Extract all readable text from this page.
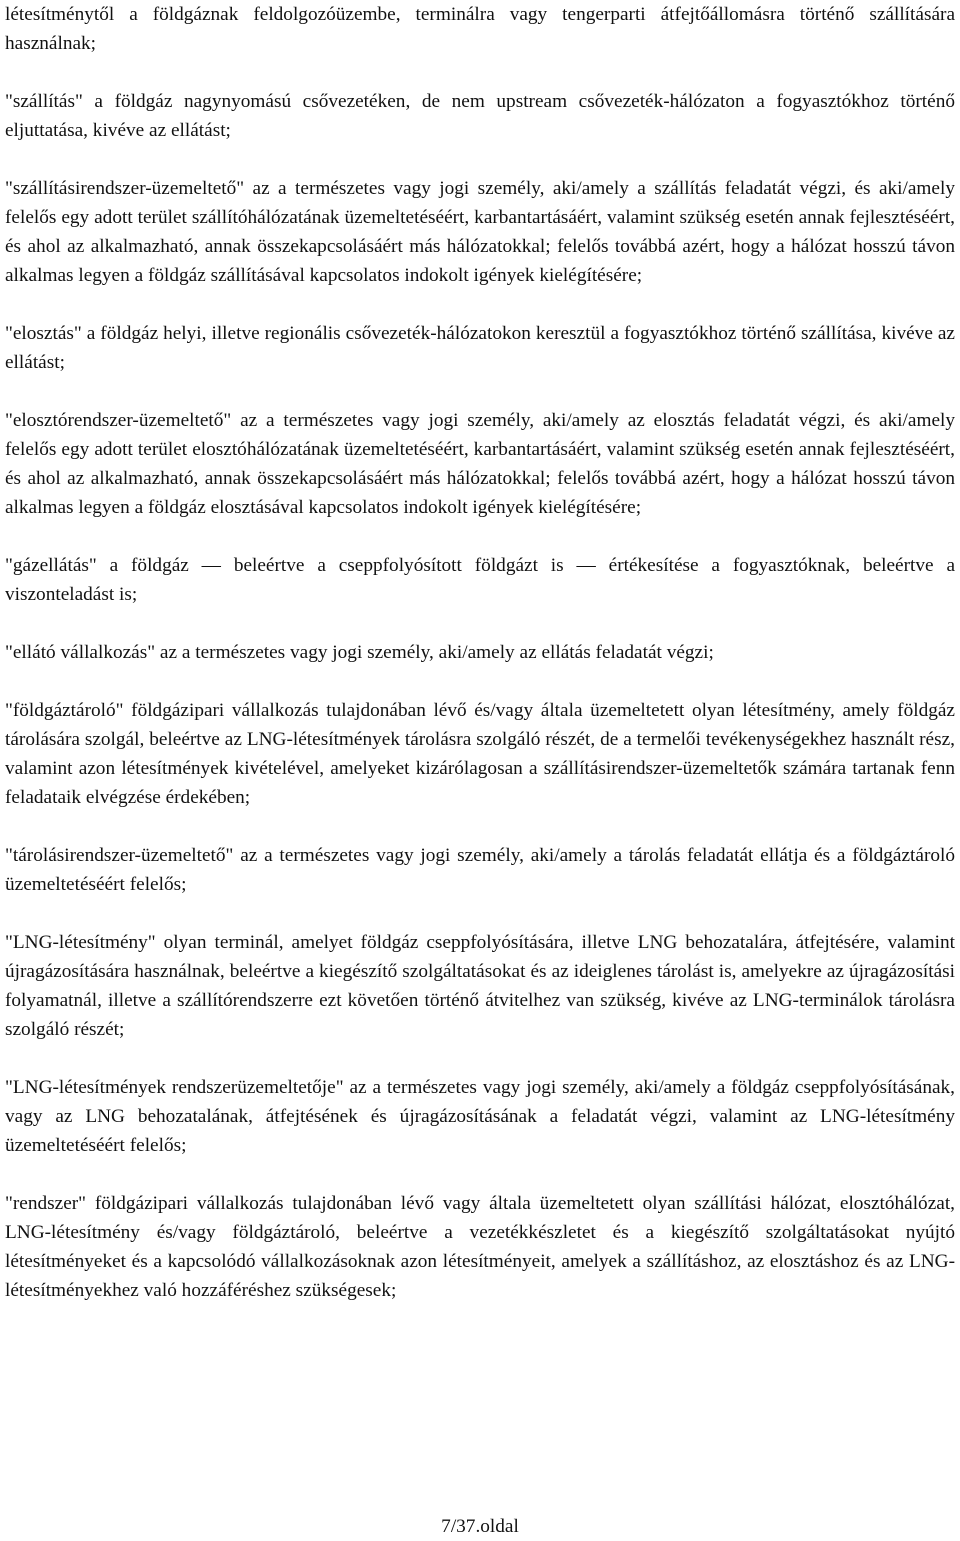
létesítménytől a földgáznak feldolgozóüzembe, terminálra vagy tengerparti átfejtőállomásra történő szállítására használnak;

"szállítás" a földgáz nagynyomású csővezetéken, de nem upstream csővezeték-hálózaton a fogyasztókhoz történő eljuttatása, kivéve az ellátást;

"szállításirendszer-üzemeltető" az a természetes vagy jogi személy, aki/amely a szállítás feladatát végzi, és aki/amely felelős egy adott terület szállítóhálózatának üzemeltetéséért, karbantartásáért, valamint szükség esetén annak fejlesztéséért, és ahol az alkalmazható, annak összekapcsolásáért más hálózatokkal; felelős továbbá azért, hogy a hálózat hosszú távon alkalmas legyen a földgáz szállításával kapcsolatos indokolt igények kielégítésére;

"elosztás" a földgáz helyi, illetve regionális csővezeték-hálózatokon keresztül a fogyasztókhoz történő szállítása, kivéve az ellátást;

"elosztórendszer-üzemeltető" az a természetes vagy jogi személy, aki/amely az elosztás feladatát végzi, és aki/amely felelős egy adott terület elosztóhálózatának üzemeltetéséért, karbantartásáért, valamint szükség esetén annak fejlesztéséért, és ahol az alkalmazható, annak összekapcsolásáért más hálózatokkal; felelős továbbá azért, hogy a hálózat hosszú távon alkalmas legyen a földgáz elosztásával kapcsolatos indokolt igények kielégítésére;

"gázellátás" a földgáz — beleértve a cseppfolyósított földgázt is — értékesítése a fogyasztóknak, beleértve a viszonteladást is;

"ellátó vállalkozás" az a természetes vagy jogi személy, aki/amely az ellátás feladatát végzi;

"földgáztároló" földgázipari vállalkozás tulajdonában lévő és/vagy általa üzemeltetett olyan létesítmény, amely földgáz tárolására szolgál, beleértve az LNG-létesítmények tárolásra szolgáló részét, de a termelői tevékenységekhez használt rész, valamint azon létesítmények kivételével, amelyeket kizárólagosan a szállításirendszer-üzemeltetők számára tartanak fenn feladataik elvégzése érdekében;

"tárolásirendszer-üzemeltető" az a természetes vagy jogi személy, aki/amely a tárolás feladatát ellátja és a földgáztároló üzemeltetéséért felelős;

"LNG-létesítmény" olyan terminál, amelyet földgáz cseppfolyósítására, illetve LNG behozatalára, átfejtésére, valamint újragázosítására használnak, beleértve a kiegészítő szolgáltatásokat és az ideiglenes tárolást is, amelyekre az újragázosítási folyamatnál, illetve a szállítórendszerre ezt követően történő átvitelhez van szükség, kivéve az LNG-terminálok tárolásra szolgáló részét;

"LNG-létesítmények rendszerüzemeltetője" az a természetes vagy jogi személy, aki/amely a földgáz cseppfolyósításának, vagy az LNG behozatalának, átfejtésének és újragázosításának a feladatát végzi, valamint az LNG-létesítmény üzemeltetéséért felelős;

"rendszer" földgázipari vállalkozás tulajdonában lévő vagy általa üzemeltetett olyan szállítási hálózat, elosztóhálózat, LNG-létesítmény és/vagy földgáztároló, beleértve a vezetékkészletet és a kiegészítő szolgáltatásokat nyújtó létesítményeket és a kapcsolódó vállalkozásoknak azon létesítményeit, amelyek a szállításhoz, az elosztáshoz és az LNG-létesítményekhez való hozzáféréshez szükségesek;

7/37.oldal
